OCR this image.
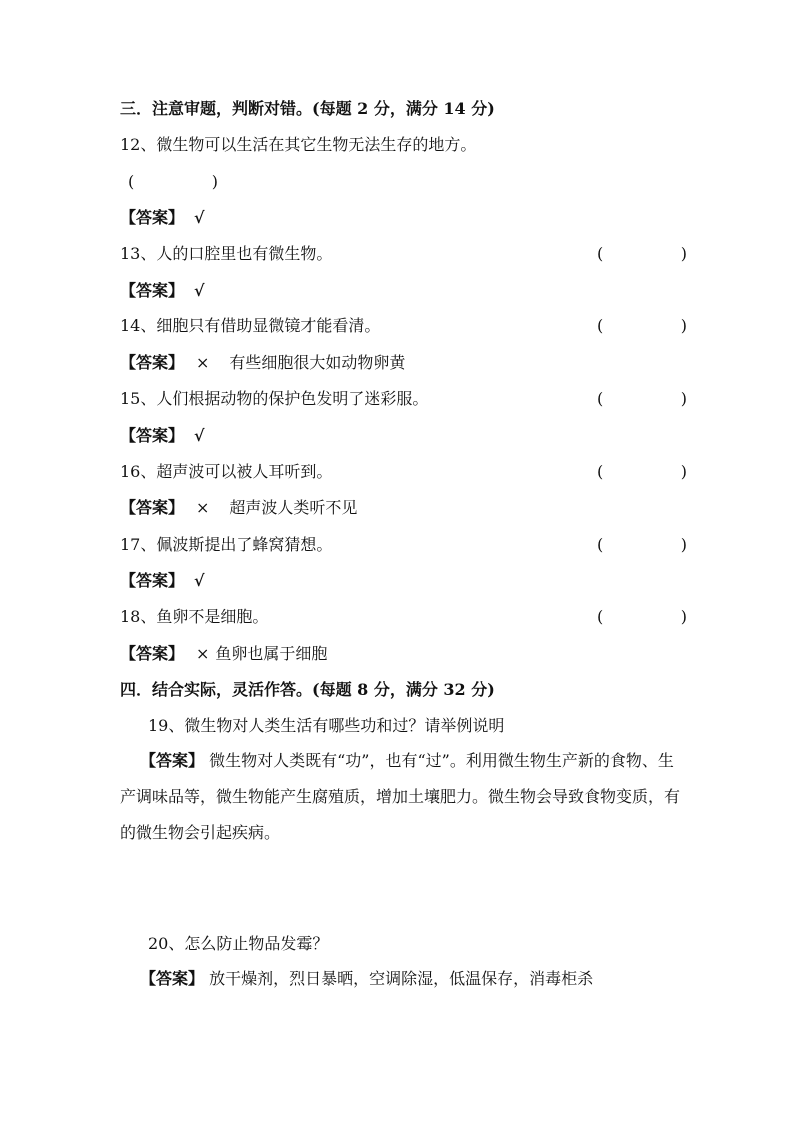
三．注意审题，判断对错。(每题 2 分，满分 14 分)
12、微生物可以生活在其它生物无法生存的地方。
(	)
【答案】 √
13、人的口腔里也有微生物。	(	)
【答案】 √
14、细胞只有借助显微镜才能看清。	(	)
【答案】 × 有些细胞很大如动物卵黄
15、人们根据动物的保护色发明了迷彩服。	(	)
【答案】 √
16、超声波可以被人耳听到。	(	)
【答案】 × 超声波人类听不见
17、佩波斯提出了蜂窝猜想。	(	)
【答案】 √
18、鱼卵不是细胞。	(	)
【答案】 × 鱼卵也属于细胞
四．结合实际，灵活作答。(每题 8 分，满分 32 分)
19、微生物对人类生活有哪些功和过？请举例说明
【答案】 微生物对人类既有“功”，也有“过”。利用微生物生产新的食物、生产调味品等，微生物能产生腐殖质，增加土壤肥力。微生物会导致食物变质，有的微生物会引起疾病。
20、怎么防止物品发霉？
【答案】 放干燥剂，烈日暴晒，空调除湿，低温保存，消毒柜杀
